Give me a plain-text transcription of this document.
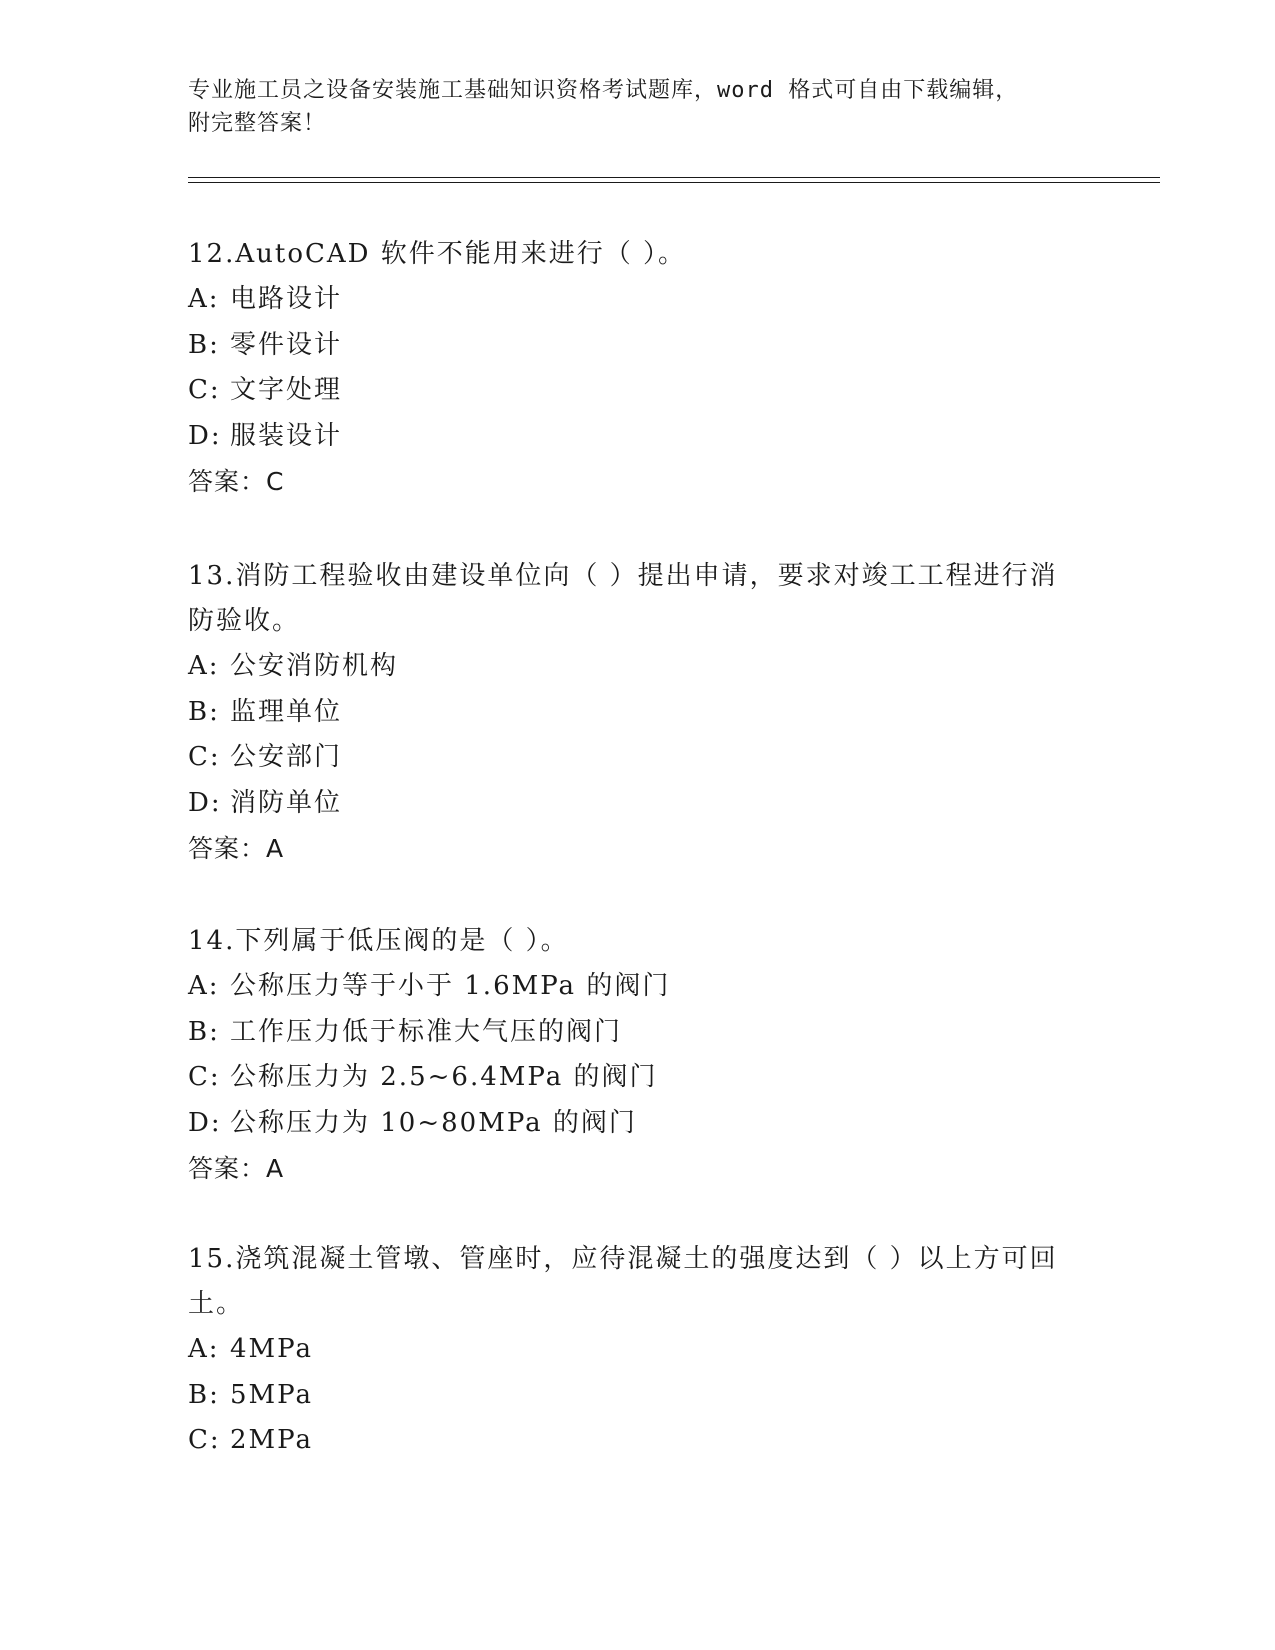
专业施工员之设备安装施工基础知识资格考试题库，word 格式可自由下载编辑，
附完整答案！

12.AutoCAD 软件不能用来进行（ ）。

A: 电路设计

B: 零件设计

C: 文字处理

D: 服装设计

答案：C

13.消防工程验收由建设单位向（ ）提出申请，要求对竣工工程进行消防验收。

A: 公安消防机构

B: 监理单位

C: 公安部门

D: 消防单位

答案：A

14.下列属于低压阀的是（ ）。

A: 公称压力等于小于 1.6MPa 的阀门

B: 工作压力低于标准大气压的阀门

C: 公称压力为 2.5~6.4MPa 的阀门

D: 公称压力为 10~80MPa 的阀门

答案：A

15.浇筑混凝土管墩、管座时，应待混凝土的强度达到（ ）以上方可回土。

A: 4MPa

B: 5MPa

C: 2MPa
